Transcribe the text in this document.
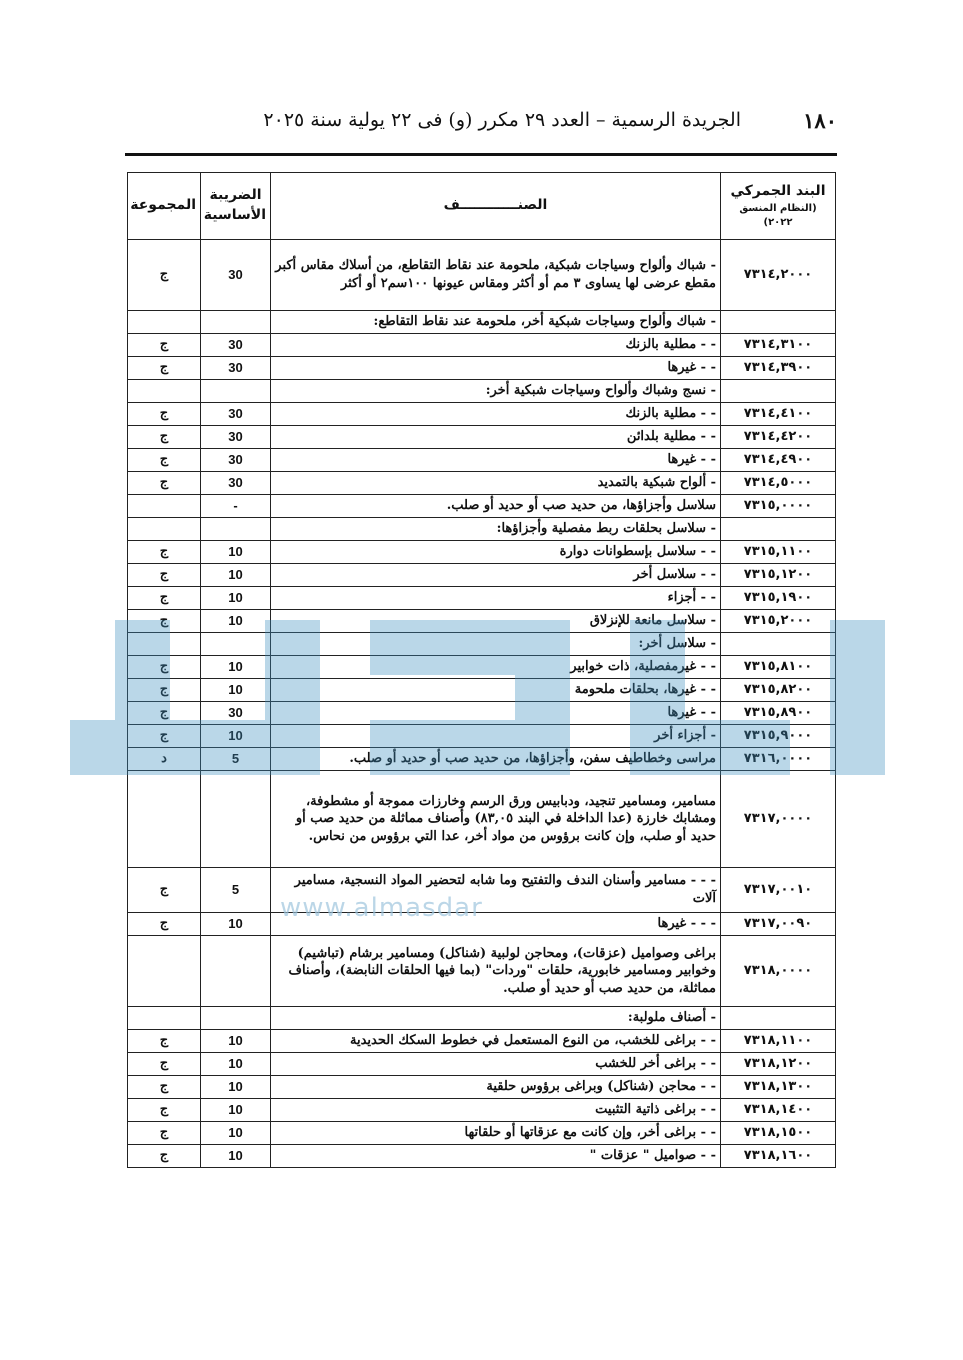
١٨٠
الجريدة الرسمية – العدد ٢٩ مكرر (و) فى ٢٢ يولية سنة ٢٠٢٥
البند الجمركي
(النظام المنسق ٢٠٢٢)	الصنــــــــــــف	الضريبة الأساسية	المجموعة
٧٣١٤,٢٠٠٠	- شباك وألواح وسياجات شبكية، ملحومة عند نقاط التقاطع، من أسلاك مقاس أكبر مقطع عرضى لها يساوى ٣ مم أو أكثر ومقاس عيونها ١٠٠سم٢ أو أكثر	30	ج
	- شباك وألواح وسياجات شبكية أخر، ملحومة عند نقاط التقاطع:		
٧٣١٤,٣١٠٠	- - مطلية بالزنك	30	ج
٧٣١٤,٣٩٠٠	- - غيرها	30	ج
	- نسج وشباك وألواح وسياجات شبكية أخر:		
٧٣١٤,٤١٠٠	- - مطلية بالزنك	30	ج
٧٣١٤,٤٢٠٠	- - مطلية بلدائن	30	ج
٧٣١٤,٤٩٠٠	- - غيرها	30	ج
٧٣١٤,٥٠٠٠	- ألواح شبكية بالتمديد	30	ج
٧٣١٥,٠٠٠٠	سلاسل وأجزاؤها، من حديد صب أو حديد أو صلب.	-	
	- سلاسل بحلقات ربط مفصلية وأجزاؤها:		
٧٣١٥,١١٠٠	- - سلاسل بإسطوانات دوارة	10	ج
٧٣١٥,١٢٠٠	- - سلاسل أخر	10	ج
٧٣١٥,١٩٠٠	- - أجزاء	10	ج
٧٣١٥,٢٠٠٠	- سلاسل مانعة للإنزلاق	10	ج
	- سلاسل أخر:		
٧٣١٥,٨١٠٠	- - غيرمفصلية، ذات خوابير	10	ج
٧٣١٥,٨٢٠٠	- - غيرها، بحلقات ملحومة	10	ج
٧٣١٥,٨٩٠٠	- - غيرها	30	ج
٧٣١٥,٩٠٠٠	- أجزاء أخر	10	ج
٧٣١٦,٠٠٠٠	مراسى وخطاطيف سفن، وأجزاؤها، من حديد صب أو حديد أو صلب.	5	د
٧٣١٧,٠٠٠٠	مسامير، ومسامير تنجيد، ودبابيس ورق الرسم وخارزات مموجة أو مشطوفة، ومشابك خارزة (عدا الداخلة في البند ٨٣,٠٥) وأصناف مماثلة من حديد صب أو حديد أو صلب، وإن كانت برؤوس من مواد أخر، عدا التي برؤوس من نحاس.		
٧٣١٧,٠٠١٠	- - - مسامير وأسنان الندف والتفتيح وما شابه لتحضير المواد النسجية، مسامير آلات	5	ج
٧٣١٧,٠٠٩٠	- - - غيرها	10	ج
٧٣١٨,٠٠٠٠	براغى وصواميل (عزقات)، ومحاجن لولبية (شناكل) ومسامير برشام (تباشيم) وخوابير ومسامير خابورية، حلقات "وردات" (بما فيها الحلقات النابضة)، وأصناف مماثلة، من حديد صب أو حديد أو صلب.		
	- أصناف ملولبة:		
٧٣١٨,١١٠٠	- - براغى للخشب، من النوع المستعمل في خطوط السكك الحديدية	10	ج
٧٣١٨,١٢٠٠	- - براغى أخر للخشب	10	ج
٧٣١٨,١٣٠٠	- - محاجن (شناكل) وبراغى برؤوس حلقية	10	ج
٧٣١٨,١٤٠٠	- - براغى ذاتية التثبيت	10	ج
٧٣١٨,١٥٠٠	- - براغى أخر، وإن كانت مع عزقاتها أو حلقاتها	10	ج
٧٣١٨,١٦٠٠	- - صواميل " عزقات "	10	ج
www.almasdar
